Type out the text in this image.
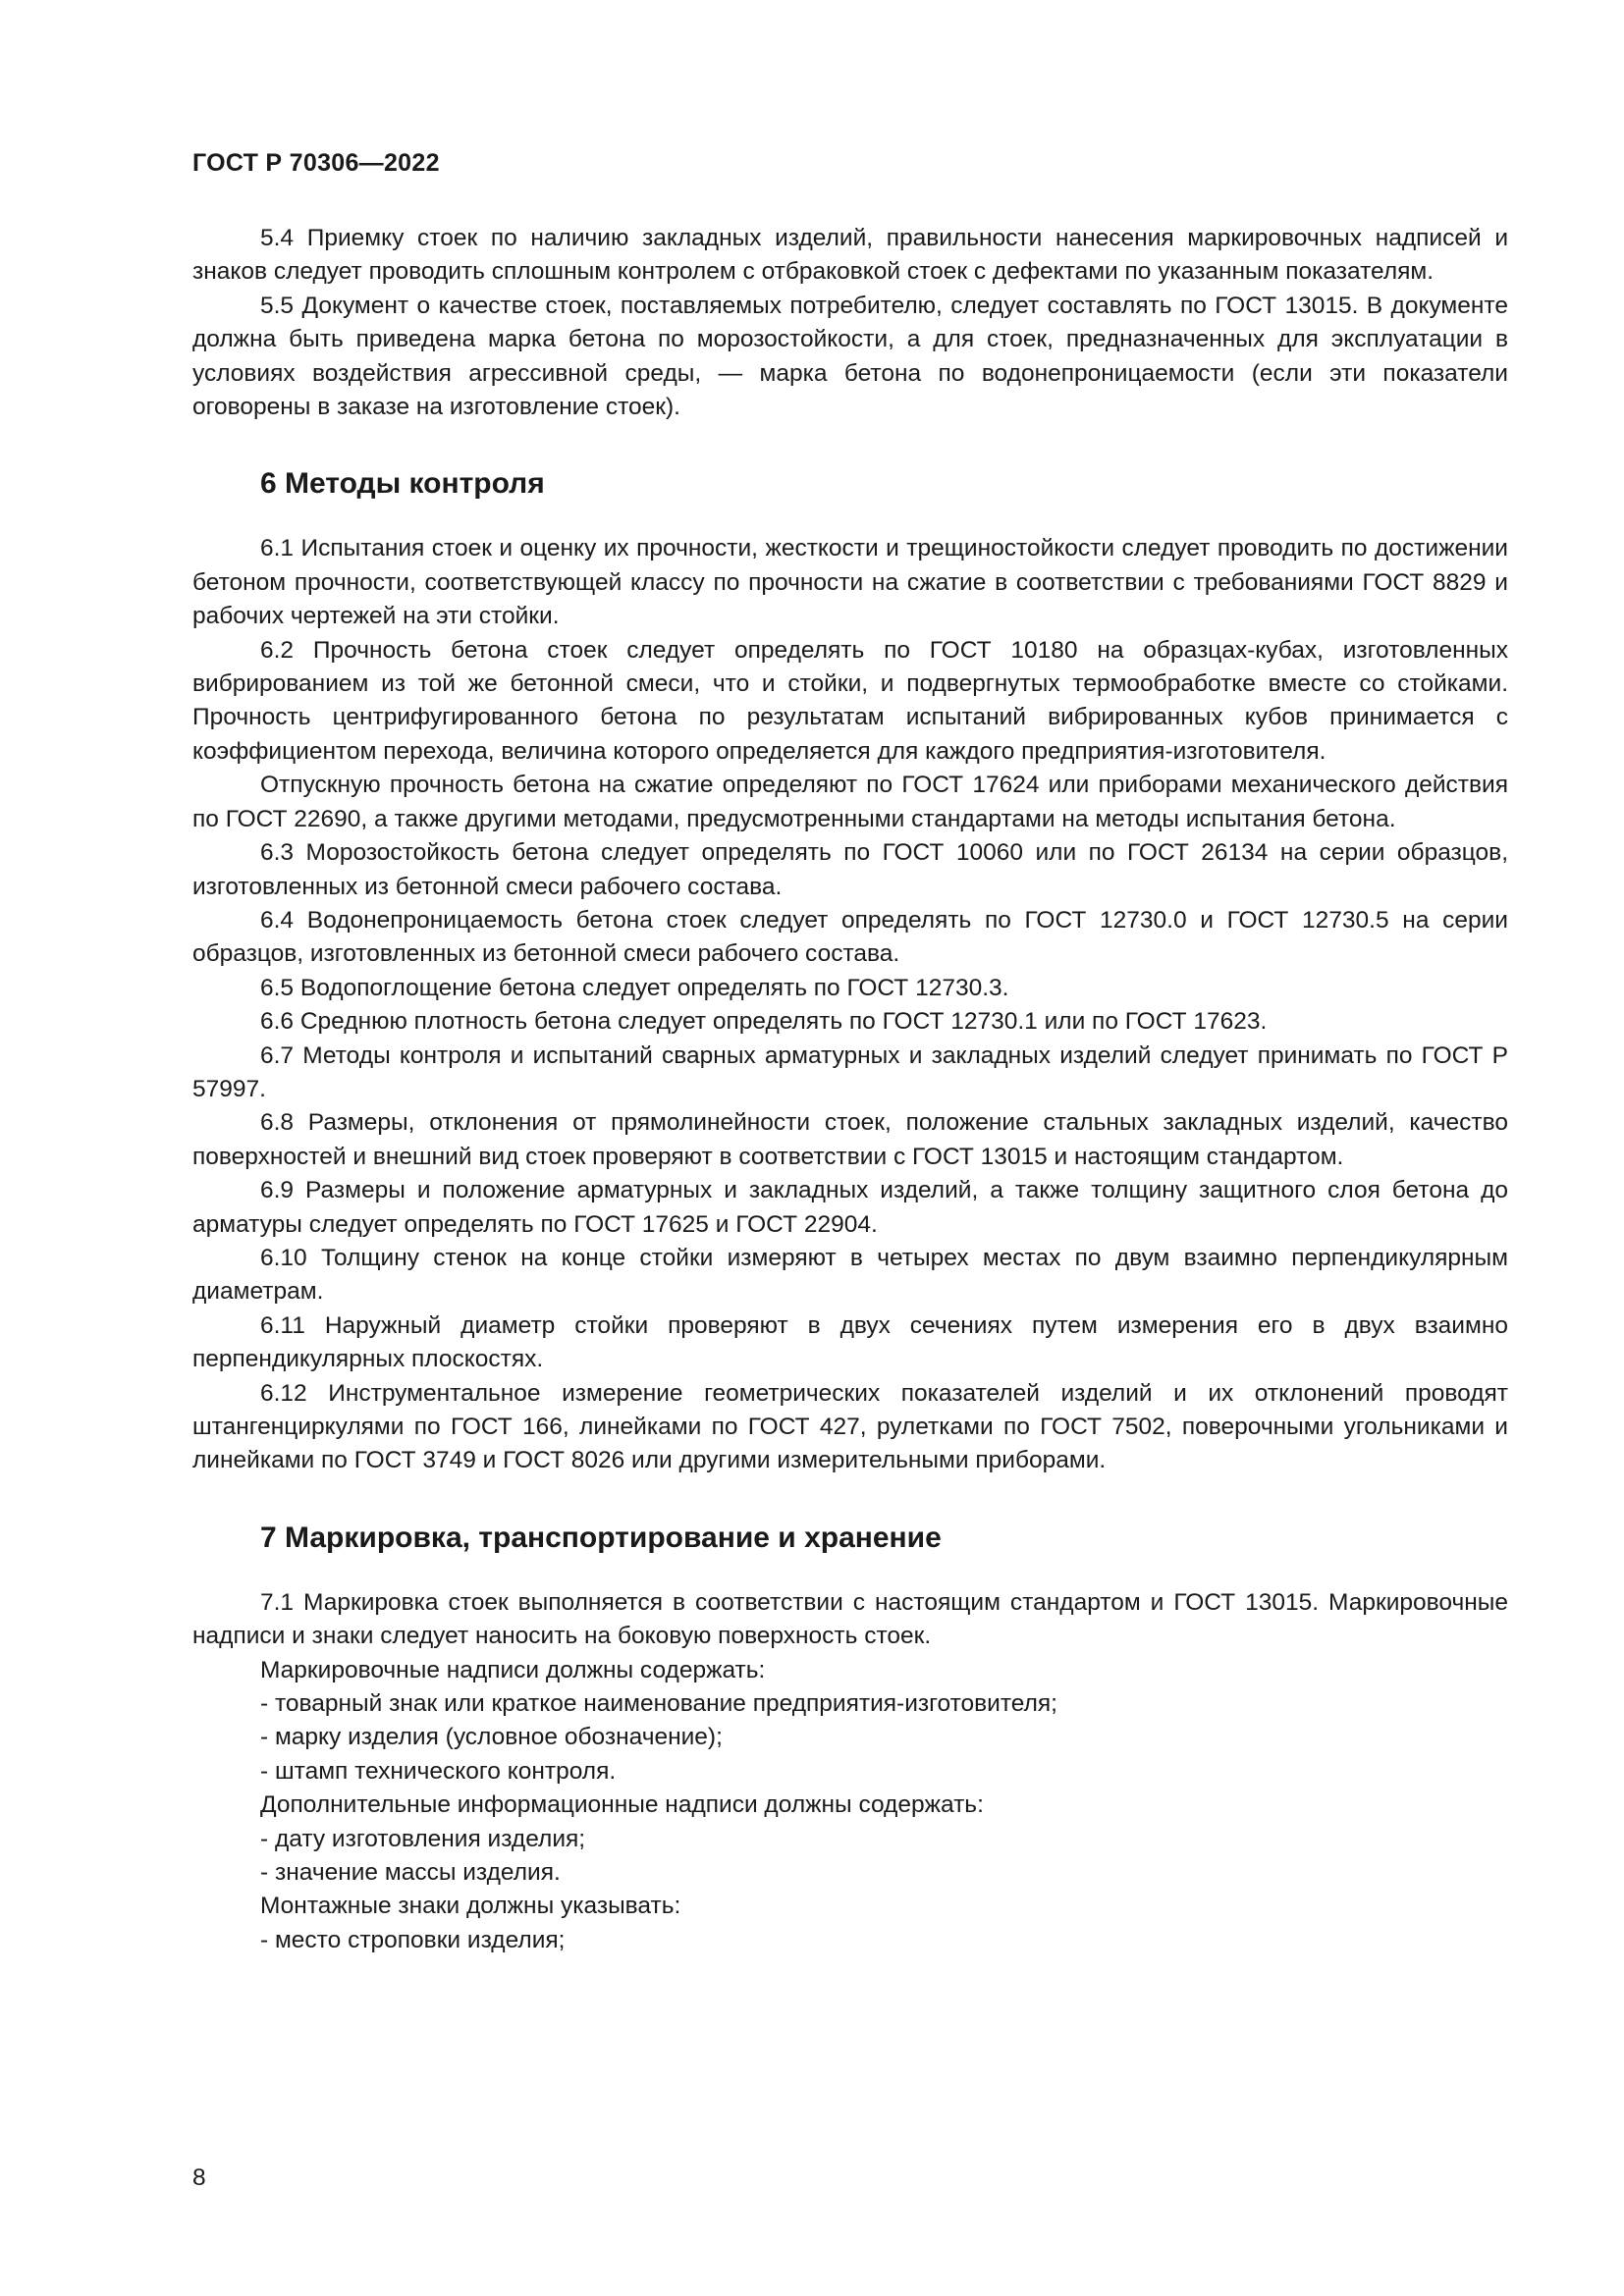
ГОСТ Р 70306—2022

5.4 Приемку стоек по наличию закладных изделий, правильности нанесения маркировочных надписей и знаков следует проводить сплошным контролем с отбраковкой стоек с дефектами по указанным показателям.

5.5 Документ о качестве стоек, поставляемых потребителю, следует составлять по ГОСТ 13015. В документе должна быть приведена марка бетона по морозостойкости, а для стоек, предназначенных для эксплуатации в условиях воздействия агрессивной среды, — марка бетона по водонепроницаемости (если эти показатели оговорены в заказе на изготовление стоек).

6 Методы контроля

6.1 Испытания стоек и оценку их прочности, жесткости и трещиностойкости следует проводить по достижении бетоном прочности, соответствующей классу по прочности на сжатие в соответствии с требованиями ГОСТ 8829 и рабочих чертежей на эти стойки.

6.2 Прочность бетона стоек следует определять по ГОСТ 10180 на образцах-кубах, изготовленных вибрированием из той же бетонной смеси, что и стойки, и подвергнутых термообработке вместе со стойками. Прочность центрифугированного бетона по результатам испытаний вибрированных кубов принимается с коэффициентом перехода, величина которого определяется для каждого предприятия-изготовителя.

Отпускную прочность бетона на сжатие определяют по ГОСТ 17624 или приборами механического действия по ГОСТ 22690, а также другими методами, предусмотренными стандартами на методы испытания бетона.

6.3 Морозостойкость бетона следует определять по ГОСТ 10060 или по ГОСТ 26134 на серии образцов, изготовленных из бетонной смеси рабочего состава.

6.4 Водонепроницаемость бетона стоек следует определять по ГОСТ 12730.0 и ГОСТ 12730.5 на серии образцов, изготовленных из бетонной смеси рабочего состава.

6.5 Водопоглощение бетона следует определять по ГОСТ 12730.3.

6.6 Среднюю плотность бетона следует определять по ГОСТ 12730.1 или по ГОСТ 17623.

6.7 Методы контроля и испытаний сварных арматурных и закладных изделий следует принимать по ГОСТ Р 57997.

6.8 Размеры, отклонения от прямолинейности стоек, положение стальных закладных изделий, качество поверхностей и внешний вид стоек проверяют в соответствии с ГОСТ 13015 и настоящим стандартом.

6.9 Размеры и положение арматурных и закладных изделий, а также толщину защитного слоя бетона до арматуры следует определять по ГОСТ 17625 и ГОСТ 22904.

6.10 Толщину стенок на конце стойки измеряют в четырех местах по двум взаимно перпендикулярным диаметрам.

6.11 Наружный диаметр стойки проверяют в двух сечениях путем измерения его в двух взаимно перпендикулярных плоскостях.

6.12 Инструментальное измерение геометрических показателей изделий и их отклонений проводят штангенциркулями по ГОСТ 166, линейками по ГОСТ 427, рулетками по ГОСТ 7502, поверочными угольниками и линейками по ГОСТ 3749 и ГОСТ 8026 или другими измерительными приборами.

7 Маркировка, транспортирование и хранение

7.1 Маркировка стоек выполняется в соответствии с настоящим стандартом и ГОСТ 13015. Маркировочные надписи и знаки следует наносить на боковую поверхность стоек.

Маркировочные надписи должны содержать:

- товарный знак или краткое наименование предприятия-изготовителя;

- марку изделия (условное обозначение);

- штамп технического контроля.

Дополнительные информационные надписи должны содержать:

- дату изготовления изделия;

- значение массы изделия.

Монтажные знаки должны указывать:

- место строповки изделия;

8
